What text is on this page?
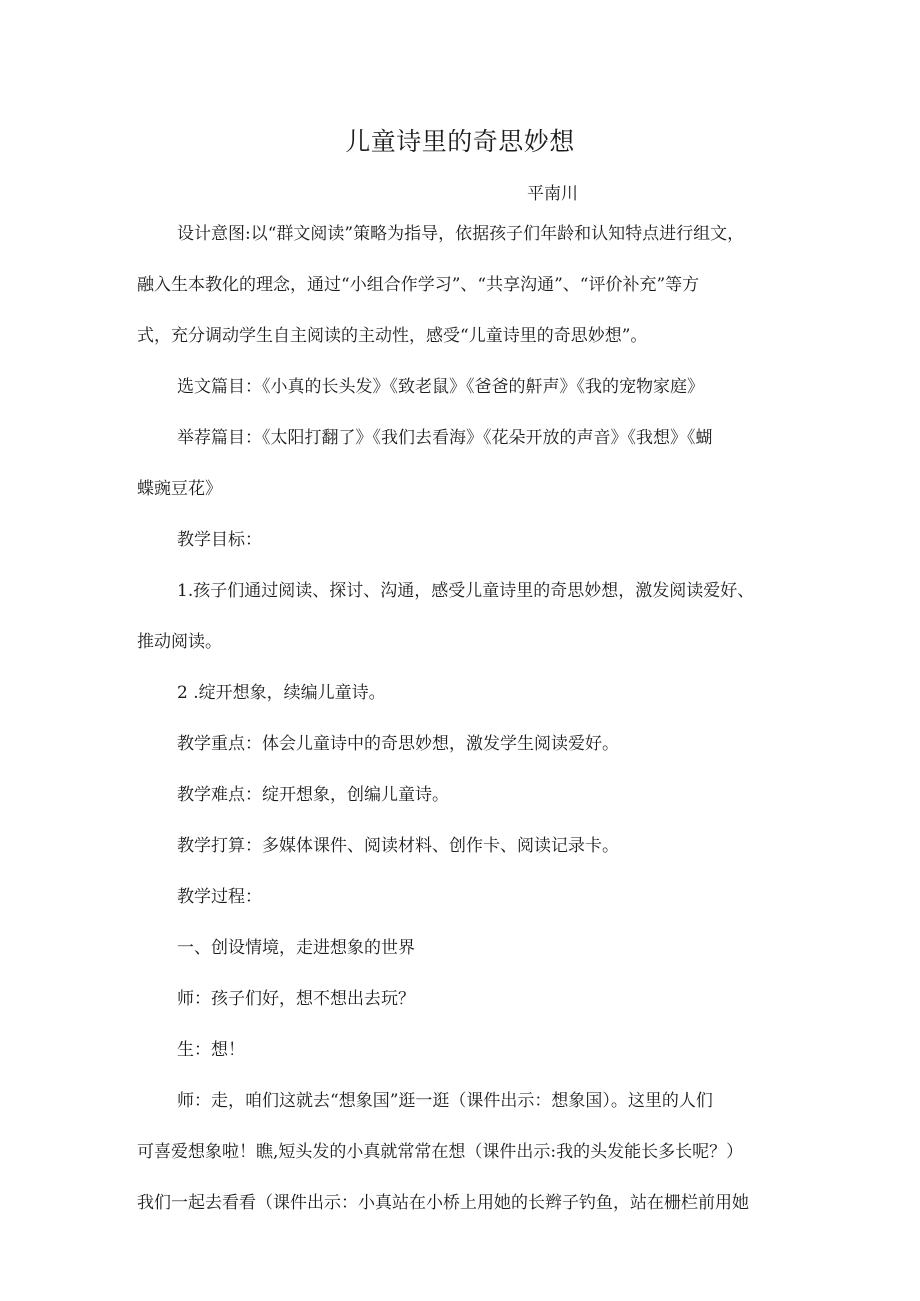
儿童诗里的奇思妙想
平南川
设计意图:以“群文阅读”策略为指导，依据孩子们年龄和认知特点进行组文，
融入生本教化的理念，通过“小组合作学习”、“共享沟通”、“评价补充”等方
式，充分调动学生自主阅读的主动性，感受“儿童诗里的奇思妙想”。
选文篇目：《小真的长头发》《致老鼠》《爸爸的鼾声》《我的宠物家庭》
举荐篇目：《太阳打翻了》《我们去看海》《花朵开放的声音》《我想》《蝴
蝶豌豆花》
教学目标：
1.孩子们通过阅读、探讨、沟通，感受儿童诗里的奇思妙想，激发阅读爱好、
推动阅读。
2 .绽开想象，续编儿童诗。
教学重点：体会儿童诗中的奇思妙想，激发学生阅读爱好。
教学难点：绽开想象，创编儿童诗。
教学打算：多媒体课件、阅读材料、创作卡、阅读记录卡。
教学过程：
一、创设情境，走进想象的世界
师：孩子们好，想不想出去玩？
生：想！
师：走，咱们这就去“想象国”逛一逛（课件出示：想象国）。这里的人们
可喜爱想象啦！瞧,短头发的小真就常常在想（课件出示:我的头发能长多长呢？）
我们一起去看看（课件出示：小真站在小桥上用她的长辫子钓鱼，站在栅栏前用她
